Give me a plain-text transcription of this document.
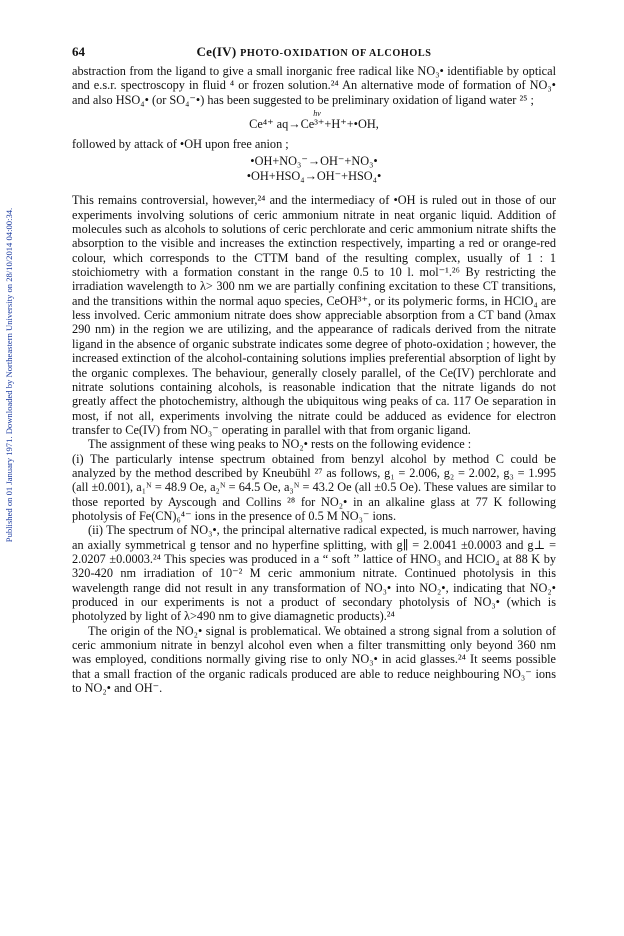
Published on 01 January 1971. Downloaded by Northeastern University on 28/10/2014 04:00:34.
64	Ce(IV) PHOTO-OXIDATION OF ALCOHOLS

abstraction from the ligand to give a small inorganic free radical like NO₃• identifiable by optical and e.s.r. spectroscopy in fluid ⁴ or frozen solution.²⁴ An alternative mode of formation of NO₃• and also HSO₄• (or SO₄⁻•) has been suggested to be preliminary oxidation of ligand water ²⁵ ;

hν
Ce⁴⁺ aq→Ce³⁺+H⁺+•OH,

followed by attack of •OH upon free anion ;

•OH+NO₃⁻→OH⁻+NO₃•
•OH+HSO₄→OH⁻+HSO₄•

This remains controversial, however,²⁴ and the intermediacy of •OH is ruled out in those of our experiments involving solutions of ceric ammonium nitrate in neat organic liquid. Addition of molecules such as alcohols to solutions of ceric perchlorate and ceric ammonium nitrate shifts the absorption to the visible and increases the extinction respectively, imparting a red or orange-red colour, which corresponds to the CTTM band of the resulting complex, usually of 1 : 1 stoichiometry with a formation constant in the range 0.5 to 10 l. mol⁻¹.²⁶ By restricting the irradiation wavelength to λ> 300 nm we are partially confining excitation to these CT transitions, and the transitions within the normal aquo species, CeOH³⁺, or its polymeric forms, in HClO₄ are less involved. Ceric ammonium nitrate does show appreciable absorption from a CT band (λmax 290 nm) in the region we are utilizing, and the appearance of radicals derived from the nitrate ligand in the absence of organic substrate indicates some degree of photo-oxidation ; however, the increased extinction of the alcohol-containing solutions implies preferential absorption of light by the organic complexes. The behaviour, generally closely parallel, of the Ce(IV) perchlorate and nitrate solutions containing alcohols, is reasonable indication that the nitrate ligands do not greatly affect the photochemistry, although the ubiquitous wing peaks of ca. 117 Oe separation in most, if not all, experiments involving the nitrate could be adduced as evidence for electron transfer to Ce(IV) from NO₃⁻ operating in parallel with that from organic ligand.

The assignment of these wing peaks to NO₂• rests on the following evidence :

(i) The particularly intense spectrum obtained from benzyl alcohol by method C could be analyzed by the method described by Kneubühl ²⁷ as follows, g₁ = 2.006, g₂ = 2.002, g₃ = 1.995 (all ±0.001), a₁ᴺ = 48.9 Oe, a₂ᴺ = 64.5 Oe, a₃ᴺ = 43.2 Oe (all ±0.5 Oe). These values are similar to those reported by Ayscough and Collins ²⁸ for NO₂• in an alkaline glass at 77 K following photolysis of Fe(CN)₆⁴⁻ ions in the presence of 0.5 M NO₃⁻ ions.

(ii) The spectrum of NO₃•, the principal alternative radical expected, is much narrower, having an axially symmetrical g tensor and no hyperfine splitting, with g∥ = 2.0041 ±0.0003 and g⊥ = 2.0207 ±0.0003.²⁴ This species was produced in a “ soft ” lattice of HNO₃ and HClO₄ at 88 K by 320-420 nm irradiation of 10⁻² M ceric ammonium nitrate. Continued photolysis in this wavelength range did not result in any transformation of NO₃• into NO₂•, indicating that NO₂• produced in our experiments is not a product of secondary photolysis of NO₃• (which is photolyzed by light of λ>490 nm to give diamagnetic products).²⁴

The origin of the NO₂• signal is problematical. We obtained a strong signal from a solution of ceric ammonium nitrate in benzyl alcohol even when a filter transmitting only beyond 360 nm was employed, conditions normally giving rise to only NO₃• in acid glasses.²⁴ It seems possible that a small fraction of the organic radicals produced are able to reduce neighbouring NO₃⁻ ions to NO₂• and OH⁻.
